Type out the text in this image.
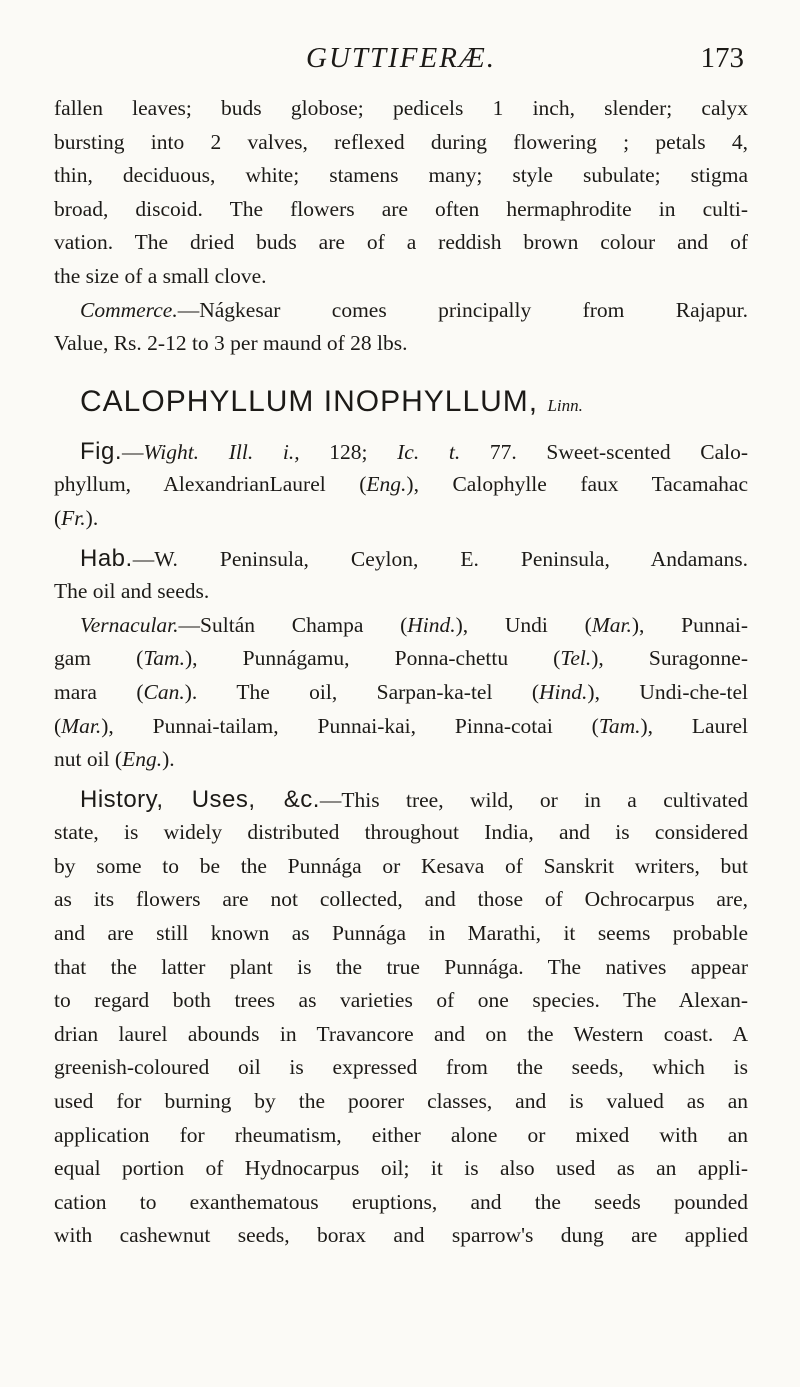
GUTTIFERÆ.	173
fallen leaves; buds globose; pedicels 1 inch, slender; calyx
bursting into 2 valves, reflexed during flowering ; petals 4,
thin, deciduous, white; stamens many; style subulate; stigma
broad, discoid. The flowers are often hermaphrodite in culti-
vation. The dried buds are of a reddish brown colour and of
the size of a small clove.
Commerce.—Nágkesar comes principally from Rajapur.
Value, Rs. 2-12 to 3 per maund of 28 lbs.
CALOPHYLLUM INOPHYLLUM, Linn.
Fig.—Wight. Ill. i., 128; Ic. t. 77. Sweet-scented Calo-
phyllum, AlexandrianLaurel (Eng.), Calophylle faux Tacamahac
(Fr.).
Hab.—W. Peninsula, Ceylon, E. Peninsula, Andamans.
The oil and seeds.
Vernacular.—Sultán Champa (Hind.), Undi (Mar.), Punnai-
gam (Tam.), Punnágamu, Ponna-chettu (Tel.), Suragonne-
mara (Can.). The oil, Sarpan-ka-tel (Hind.), Undi-che-tel
(Mar.), Punnai-tailam, Punnai-kai, Pinna-cotai (Tam.), Laurel
nut oil (Eng.).
History, Uses, &c.—This tree, wild, or in a cultivated
state, is widely distributed throughout India, and is considered
by some to be the Punnága or Kesava of Sanskrit writers, but
as its flowers are not collected, and those of Ochrocarpus are,
and are still known as Punnága in Marathi, it seems probable
that the latter plant is the true Punnága. The natives appear
to regard both trees as varieties of one species. The Alexan-
drian laurel abounds in Travancore and on the Western coast. A
greenish-coloured oil is expressed from the seeds, which is
used for burning by the poorer classes, and is valued as an
application for rheumatism, either alone or mixed with an
equal portion of Hydnocarpus oil; it is also used as an appli-
cation to exanthematous eruptions, and the seeds pounded
with cashewnut seeds, borax and sparrow's dung are applied
